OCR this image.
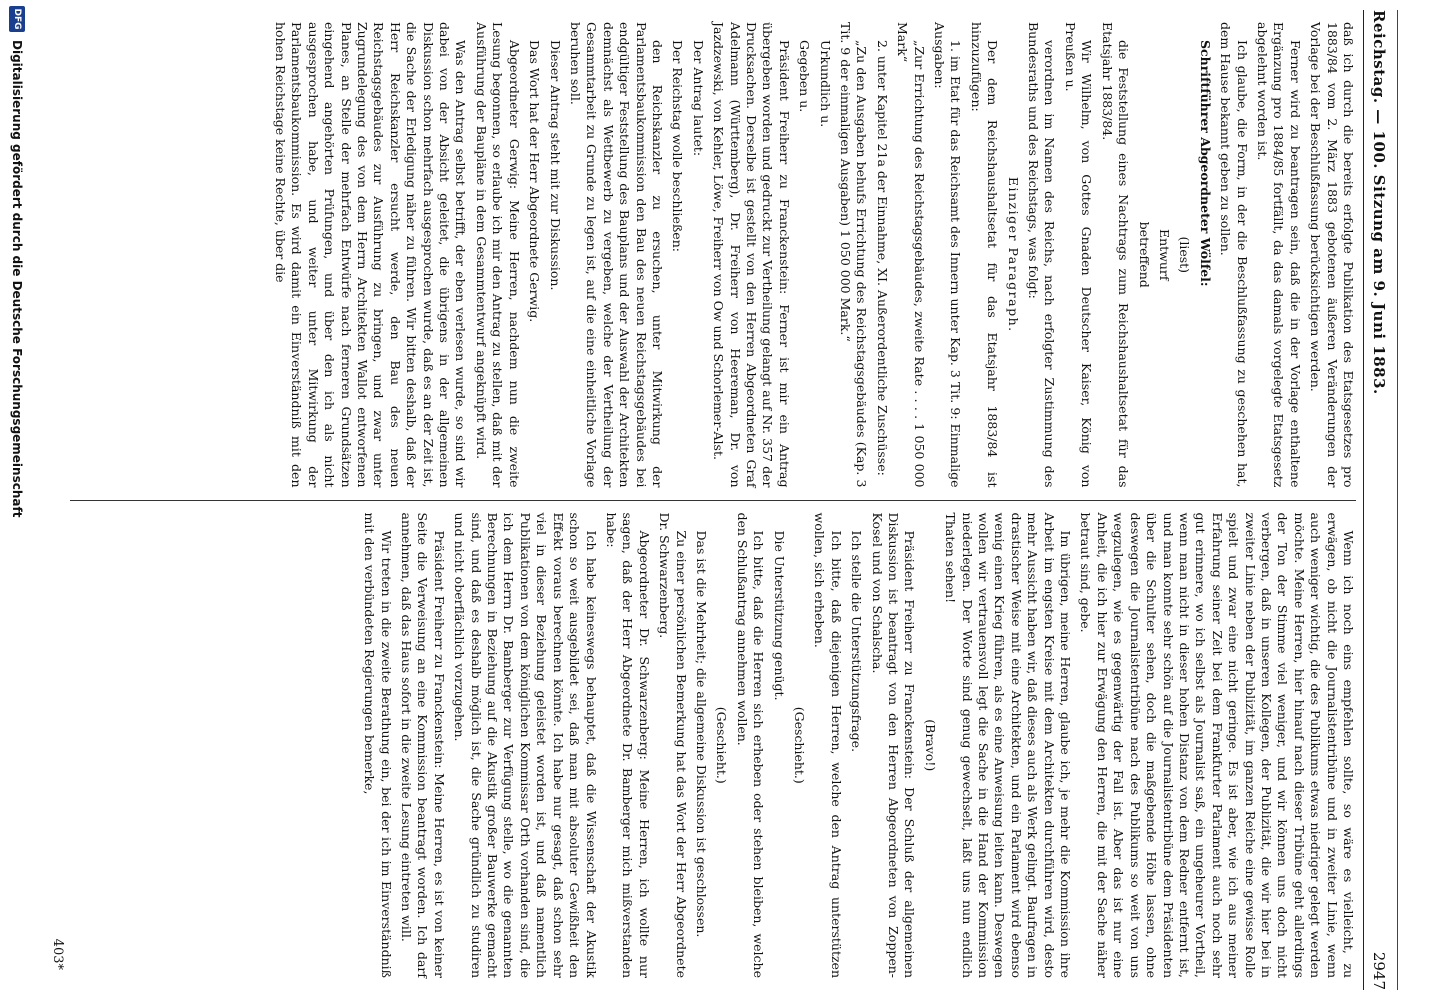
Reichstag. — 100. Sitzung am 9. Juni 1883.
2947

daß ich durch die bereits erfolgte Publikation des Etatsgesetzes pro 1883/84 vom 2. März 1883 gebotenen äußeren Veränderungen der Vorlage bei der Beschlußfassung berücksichtigen werden.

Ferner wird zu beantragen sein, daß die in der Vorlage enthaltene Ergänzung pro 1884/85 fortfällt, da das damals vorgelegte Etatsgesetz abgelehnt worden ist.

Ich glaube, die Form, in der die Beschlußfassung zu geschehen hat, dem Hause bekannt geben zu sollen.

Schriftführer Abgeordneter Wölfel:

(liest)

Entwurf

betreffend

die Feststellung eines Nachtrags zum Reichshaushaltsetat für das Etatsjahr 1883/84.

Wir Wilhelm, von Gottes Gnaden Deutscher Kaiser, König von Preußen u.

verordnen im Namen des Reichs, nach erfolgter Zustimmung des Bundesraths und des Reichstags, was folgt:

Einziger Paragraph.

Der dem Reichshaushaltsetat für das Etatsjahr 1883/84 ist hinzuzufügen:

1. im Etat für das Reichsamt des Innern unter Kap. 3 Tit. 9: Einmalige Ausgaben:

„Zur Errichtung des Reichstagsgebäudes, zweite Rate . . . . 1 050 000 Mark“

2. unter Kapitel 21a der Einnahme, XI. Außerordentliche Zuschüsse:

„Zu den Ausgaben behufs Errichtung des Reichstagsgebäudes (Kap. 3 Tit. 9 der einmaligen Ausgaben) 1 050 000 Mark.“

Urkundlich u.

Gegeben u.

Präsident Freiherr zu Franckenstein: Ferner ist mir ein Antrag übergeben worden und gedruckt zur Vertheilung gelangt auf Nr. 357 der Drucksachen. Derselbe ist gestellt von den Herren Abgeordneten Graf Adelmann (Württemberg), Dr. Freiherr von Heereman, Dr. von Jazdzewski, von Kehler, Löwe, Freiherr von Ow und Schorlemer-Alst.

Der Antrag lautet:

Der Reichstag wolle beschließen:

den Reichskanzler zu ersuchen, unter Mitwirkung der Parlamentsbaukommission den Bau des neuen Reichstagsgebäudes bei endgültiger Feststellung des Bauplans und der Auswahl der Architekten demnächst als Wettbewerb zu vergeben, welche der Vertheilung der Gesammtarbeit zu Grunde zu legen ist, auf die eine einheitliche Vorlage beruhen soll.

Dieser Antrag steht mit zur Diskussion.

Das Wort hat der Herr Abgeordnete Gerwig.

Abgeordneter Gerwig: Meine Herren, nachdem nun die zweite Lesung begonnen, so erlaube ich mir den Antrag zu stellen, daß mit der Ausführung der Baupläne in dem Gesammtentwurf angeknüpft wird.

Was den Antrag selbst betrifft, der eben verlesen wurde, so sind wir dabei von der Absicht geleitet, die übrigens in der allgemeinen Diskussion schon mehrfach ausgesprochen wurde, daß es an der Zeit ist, die Sache der Erledigung näher zu führen. Wir bitten deshalb, daß der Herr Reichskanzler ersucht werde, den Bau des neuen Reichstagsgebäudes zur Ausführung zu bringen, und zwar unter Zugrundelegung des von dem Herrn Architekten Wallot entworfenen Planes, an Stelle der mehrfach Entwürfe nach ferneren Grundsätzen eingehend angehörten Prüfungen, und über den ich als nicht ausgesprochen habe, und weiter unter Mitwirkung der Parlamentsbaukommission. Es wird damit ein Einverständniß mit den hohen Reichstage keine Rechte, über die

Wenn ich noch eins empfehlen sollte, so wäre es vielleicht, zu erwägen, ob nicht die Journalistentribüne und in zweiter Linie, wenn auch weniger wichtig, die des Publikums etwas niedriger gelegt werden möchte. Meine Herren, hier hinauf nach dieser Tribüne geht allerdings der Ton der Stimme viel weniger, und wir können uns doch nicht verbergen, daß in unseren Kollegen, der Publizität, die wir hier bei in zweiter Linie neben der Publizität, im ganzen Reiche eine gewisse Rolle spielt und zwar eine nicht geringe. Es ist aber, wie ich aus meiner Erfahrung seiner Zeit bei dem Frankfurter Parlament auch noch sehr gut erinnere, wo ich selbst als Journalist saß, ein ungeheurer Vortheil, wenn man nicht in dieser hohen Distanz von dem Redner entfernt ist, und man konnte sehr schön auf die Journalistentribüne dem Präsidenten über die Schulter sehen, doch die maßgebende Höhe lassen, ohne deswegen die Journalistentribüne nach des Publikums so weit von uns wegzulegen, wie es gegenwärtig der Fall ist. Aber das ist nur eine Anheit, die ich hier zur Erwägung den Herren, die mit der Sache näher betraut sind, gebe.

Im übrigen, meine Herren, glaube ich, je mehr die Kommission ihre Arbeit im engsten Kreise mit dem Architekten durchführen wird, desto mehr Aussicht haben wir, daß dieses auch als Werk gelingt. Baufragen in drastischer Weise mit eine Architekten, und ein Parlament wird ebenso wenig einen Krieg führen, als es eine Anweisung leiten kann. Deswegen wollen wir vertrauensvoll legt die Sache in die Hand der Kommission niederlegen. Der Worte sind genug gewechselt, laßt uns nun endlich Thaten sehen!

(Bravo!)

Präsident Freiherr zu Franckenstein: Der Schluß der allgemeinen Diskussion ist beantragt von den Herren Abgeordneten von Zoppen-Kosel und von Schalscha.

Ich stelle die Unterstützungsfrage.

Ich bitte, daß diejenigen Herren, welche den Antrag unterstützen wollen, sich erheben.

(Geschieht.)

Die Unterstützung genügt.

Ich bitte, daß die Herren sich erheben oder stehen bleiben, welche den Schlußantrag annehmen wollen.

(Geschieht.)

Das ist die Mehrheit; die allgemeine Diskussion ist geschlossen.

Zu einer persönlichen Bemerkung hat das Wort der Herr Abgeordnete Dr. Schwarzenberg.

Abgeordneter Dr. Schwarzenberg: Meine Herren, ich wollte nur sagen, daß der Herr Abgeordnete Dr. Bamberger mich mißverstanden habe:

Ich habe keineswegs behauptet, daß die Wissenschaft der Akustik schon so weit ausgebildet sei, daß man mit absoluter Gewißheit den Effekt voraus berechnen könnte. Ich habe nur gesagt, daß schon sehr viel in dieser Beziehung geleistet worden ist, und daß namentlich Publikationen von dem königlichen Kommissar Orth vorhanden sind, die ich dem Herrn Dr. Bamberger zur Verfügung stelle, wo die genannten Berechnungen in Beziehung auf die Akustik großer Bauwerke gemacht sind, und daß es deshalb möglich ist, die Sache gründlich zu studiren und nicht oberflächlich vorzugehen.

Präsident Freiherr zu Franckenstein: Meine Herren, es ist von keiner Seite die Verweisung an eine Kommission beantragt worden. Ich darf annehmen, daß das Haus sofort in die zweite Lesung eintreten will.

Wir treten in die zweite Berathung ein, bei der ich im Einverständniß mit den verbündeten Regierungen bemerke,

403*
DFG
Digitalisierung gefördert durch die Deutsche Forschungsgemeinschaft
